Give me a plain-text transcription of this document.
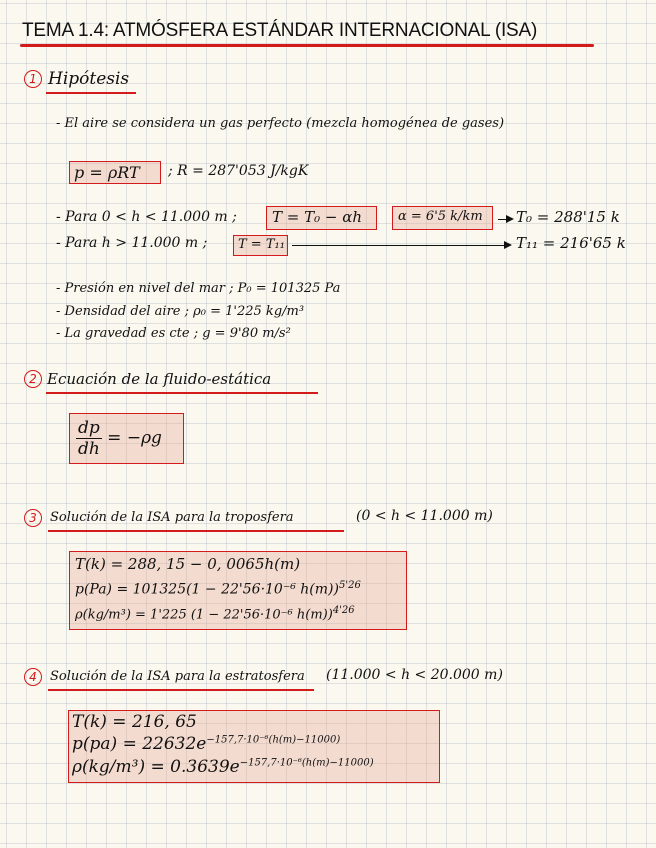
TEMA 1.4: ATMÓSFERA ESTÁNDAR INTERNACIONAL (ISA)
1 Hipótesis
- El aire se considera un gas perfecto (mezcla homogénea de gases)
p = ρRT ; R = 287'053 J/kgK
- Para 0 < h < 11.000 m ; T = T₀ − αh	α = 6'5 k/km T₀ = 288'15 k
- Para h > 11.000 m ; T = T₁₁	T₁₁ = 216'65 k
- Presión en nivel del mar ; P₀ = 101325 Pa
- Densidad del aire ; ρ₀ = 1'225 kg/m³
- La gravedad es cte ; g = 9'80 m/s²
2 Ecuación de la fluido-estática
$\frac{dp}{dh} = -\rho g$
3	Solución de la ISA para la troposfera	(0 < h < 11.000 m)
T(k) = 288, 15 − 0, 0065h(m)
p(Pa) = 101325(1 − 22'56·10⁻⁶ h(m))$^{5'26}$
ρ(kg/m³) = 1'225 (1 − 22'56·10⁻⁶ h(m))$^{4'26}$
4	Solución de la ISA para la estratosfera (11.000 < h < 20.000 m)
T(k) = 216, 65
$p(pa) = 22632e^{-157,7\cdot 10^{-6}(h(m)-11000)}$
$\rho(kg/m^3) = 0.3639e^{-157,7\cdot 10^{-6}(h(m)-11000)}$
